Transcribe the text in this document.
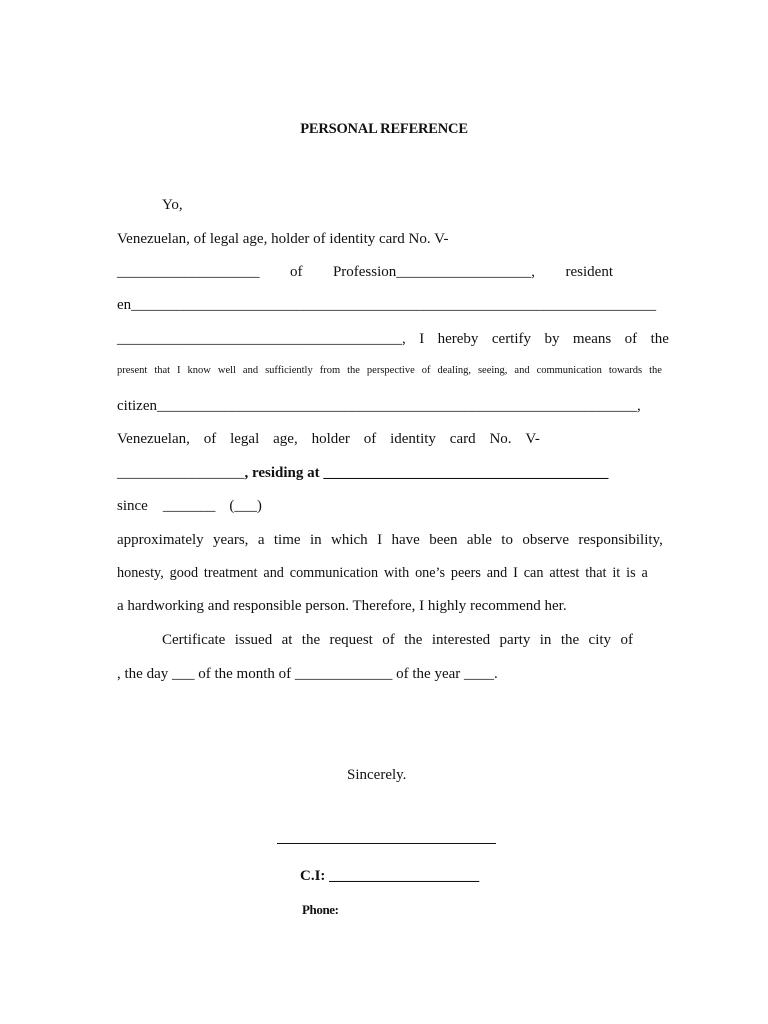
PERSONAL REFERENCE
Yo,
Venezuelan, of legal age, holder of identity card No. V-
___________________ of Profession__________________, resident
en______________________________________________________________________
______________________________________, I hereby certify by means of the
present that I know well and sufficiently from the perspective of dealing, seeing, and communication towards the
citizen________________________________________________________________,
Venezuelan, of legal age, holder of identity card No. V-
_________________, residing at ______________________________________
since _______ (___)
approximately years, a time in which I have been able to observe responsibility,
honesty, good treatment and communication with one’s peers and I can attest that it is a
a hardworking and responsible person. Therefore, I highly recommend her.
Certificate issued at the request of the interested party in the city of
, the day ___ of the month of _____________ of the year ____.
Sincerely.
C.I: ____________________
Phone:
